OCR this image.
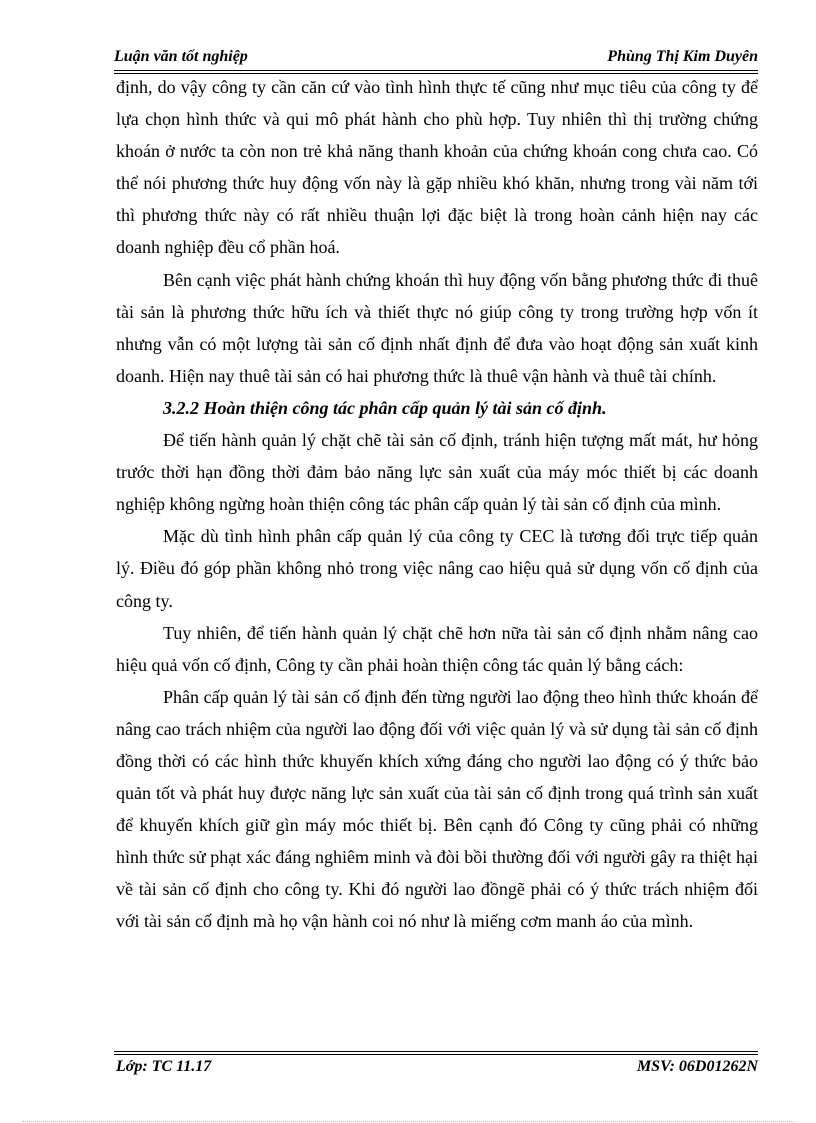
Luận văn tốt nghiệp	Phùng Thị Kim Duyên

định, do vậy công ty cần căn cứ vào tình hình thực tế cũng như mục tiêu của công ty để lựa chọn hình thức và qui mô phát hành cho phù hợp. Tuy nhiên thì thị trường chứng khoán ở nước ta còn non trẻ khả năng thanh khoản của chứng khoán cong chưa cao. Có thể nói phương thức huy động vốn này là gặp nhiều khó khăn, nhưng trong vài năm tới thì phương thức này có rất nhiều thuận lợi đặc biệt là trong hoàn cảnh hiện nay các doanh nghiệp đều cổ phần hoá.

Bên cạnh việc phát hành chứng khoán thì huy động vốn bằng phương thức đi thuê tài sản là phương thức hữu ích và thiết thực nó giúp công ty trong trường hợp vốn ít nhưng vẫn có một lượng tài sản cố định nhất định để đưa vào hoạt động sản xuất kinh doanh. Hiện nay thuê tài sản có hai phương thức là thuê vận hành và thuê tài chính.

3.2.2 Hoàn thiện công tác phân cấp quản lý tài sản cố định.

Để tiến hành quản lý chặt chẽ tài sản cố định, tránh hiện tượng mất mát, hư hỏng trước thời hạn đồng thời đảm bảo năng lực sản xuất của máy móc thiết bị các doanh nghiệp không ngừng hoàn thiện công tác phân cấp quản lý tài sản cố định của mình.

Mặc dù tình hình phân cấp quản lý của công ty CEC là tương đối trực tiếp quản lý. Điều đó góp phần không nhỏ trong việc nâng cao hiệu quả sử dụng vốn cố định của công ty.

Tuy nhiên, để tiến hành quản lý chặt chẽ hơn nữa tài sản cố định nhằm nâng cao hiệu quả vốn cố định, Công ty cần phải hoàn thiện công tác quản lý bằng cách:

Phân cấp quản lý tài sản cố định đến từng người lao động theo hình thức khoán để nâng cao trách nhiệm của người lao động đối với việc quản lý và sử dụng tài sản cố định đồng thời có các hình thức khuyến khích xứng đáng cho người lao động có ý thức bảo quản tốt và phát huy được năng lực sản xuất của tài sản cố định trong quá trình sản xuất để khuyến khích giữ gìn máy móc thiết bị. Bên cạnh đó Công ty cũng phải có những hình thức sử phạt xác đáng nghiêm minh và đòi bồi thường đối với người gây ra thiệt hại về tài sản cố định cho công ty. Khi đó người lao đồngẽ phải có ý thức trách nhiệm đối với tài sản cố định mà họ vận hành coi nó như là miếng cơm manh áo của mình.

Lớp: TC 11.17	MSV: 06D01262N
